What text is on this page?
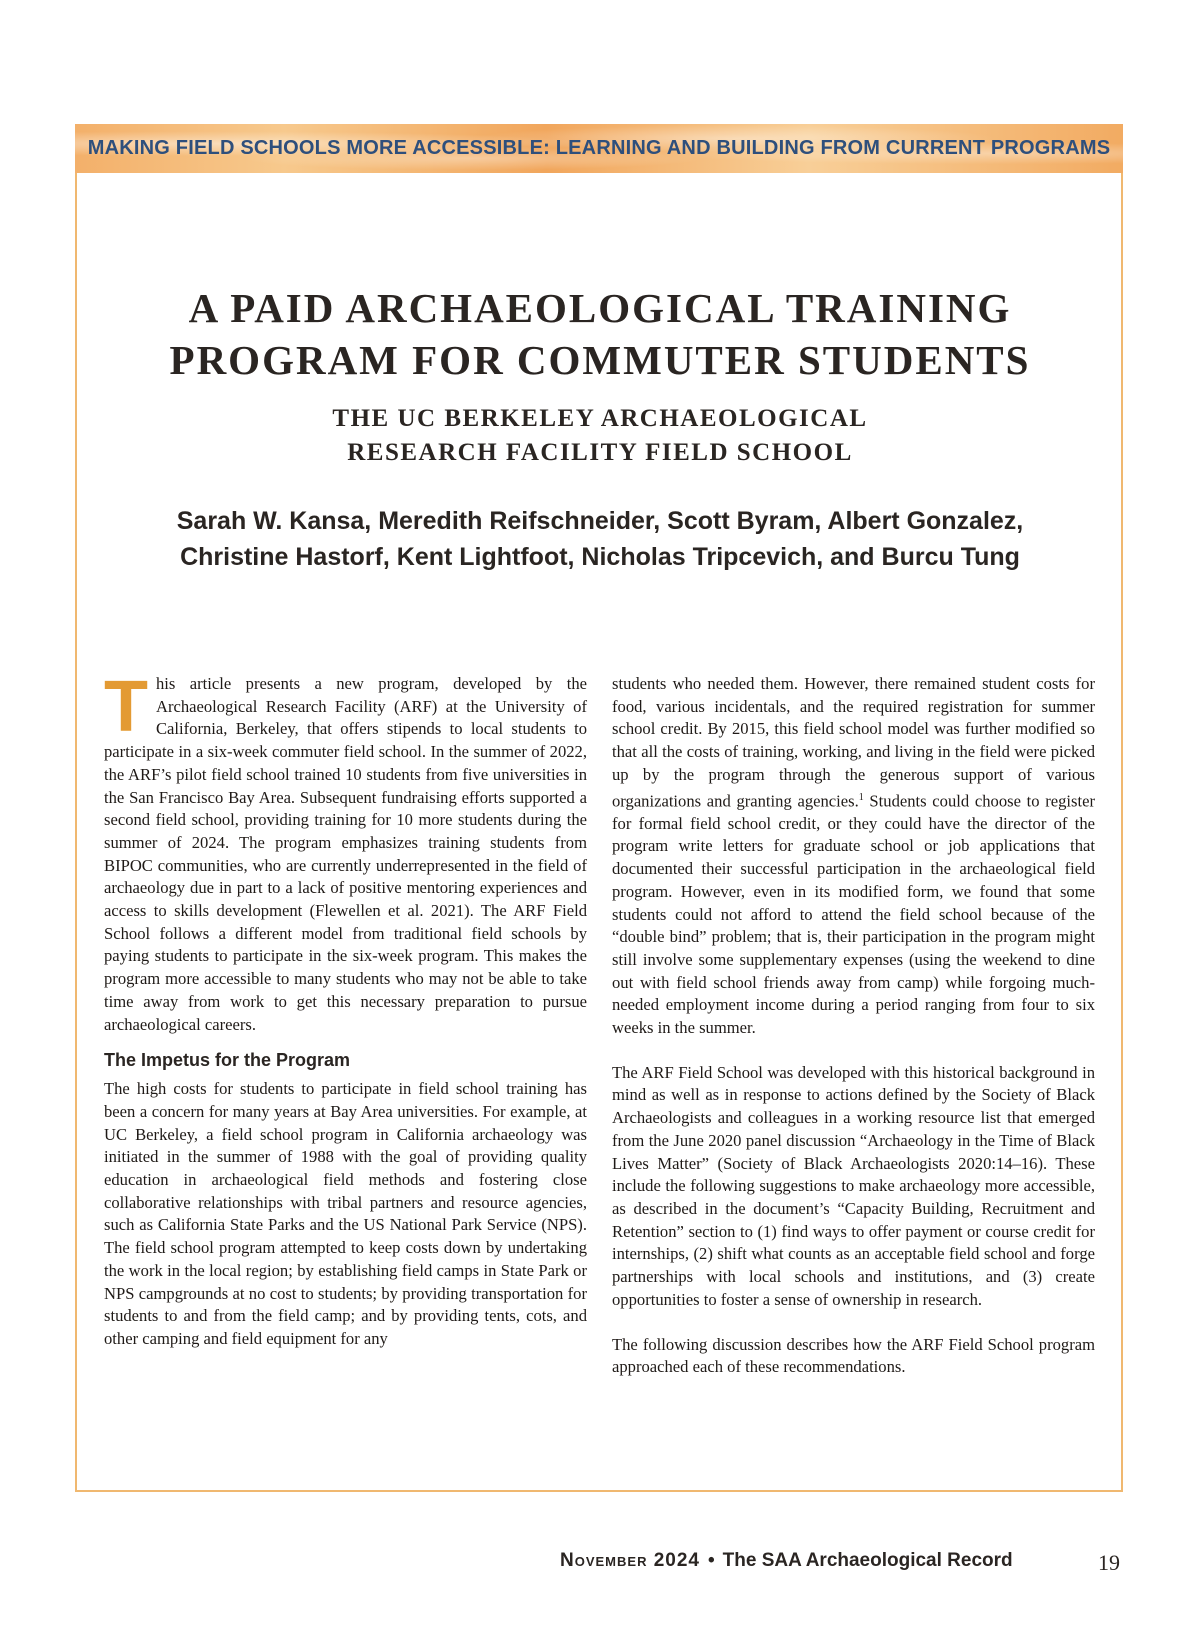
MAKING FIELD SCHOOLS MORE ACCESSIBLE: LEARNING AND BUILDING FROM CURRENT PROGRAMS
A PAID ARCHAEOLOGICAL TRAINING
PROGRAM FOR COMMUTER STUDENTS
THE UC BERKELEY ARCHAEOLOGICAL
RESEARCH FACILITY FIELD SCHOOL

Sarah W. Kansa, Meredith Reifschneider, Scott Byram, Albert Gonzalez,
Christine Hastorf, Kent Lightfoot, Nicholas Tripcevich, and Burcu Tung

This article presents a new program, developed by the Archaeological Research Facility (ARF) at the University of California, Berkeley, that offers stipends to local students to participate in a six-week commuter field school. In the summer of 2022, the ARF’s pilot field school trained 10 students from five universities in the San Francisco Bay Area. Subsequent fundraising efforts supported a second field school, providing training for 10 more students during the summer of 2024. The program emphasizes training students from BIPOC communities, who are currently underrepresented in the field of archaeology due in part to a lack of positive mentoring experiences and access to skills development (Flewellen et al. 2021). The ARF Field School follows a different model from traditional field schools by paying students to participate in the six-week program. This makes the program more accessible to many students who may not be able to take time away from work to get this necessary preparation to pursue archaeological careers.

The Impetus for the Program

The high costs for students to participate in field school training has been a concern for many years at Bay Area universities. For example, at UC Berkeley, a field school program in California archaeology was initiated in the summer of 1988 with the goal of providing quality education in archaeological field methods and fostering close collaborative relationships with tribal partners and resource agencies, such as California State Parks and the US National Park Service (NPS). The field school program attempted to keep costs down by undertaking the work in the local region; by establishing field camps in State Park or NPS campgrounds at no cost to students; by providing transportation for students to and from the field camp; and by providing tents, cots, and other camping and field equipment for any

students who needed them. However, there remained student costs for food, various incidentals, and the required registration for summer school credit. By 2015, this field school model was further modified so that all the costs of training, working, and living in the field were picked up by the program through the generous support of various organizations and granting agencies.$^1$ Students could choose to register for formal field school credit, or they could have the director of the program write letters for graduate school or job applications that documented their successful participation in the archaeological field program. However, even in its modified form, we found that some students could not afford to attend the field school because of the “double bind” problem; that is, their participation in the program might still involve some supplementary expenses (using the weekend to dine out with field school friends away from camp) while forgoing much-needed employment income during a period ranging from four to six weeks in the summer.

The ARF Field School was developed with this historical background in mind as well as in response to actions defined by the Society of Black Archaeologists and colleagues in a working resource list that emerged from the June 2020 panel discussion “Archaeology in the Time of Black Lives Matter” (Society of Black Archaeologists 2020:14–16). These include the following suggestions to make archaeology more accessible, as described in the document’s “Capacity Building, Recruitment and Retention” section to (1) find ways to offer payment or course credit for internships, (2) shift what counts as an acceptable field school and forge partnerships with local schools and institutions, and (3) create opportunities to foster a sense of ownership in research.

The following discussion describes how the ARF Field School program approached each of these recommendations.

November 2024 • The SAA Archaeological Record	19
